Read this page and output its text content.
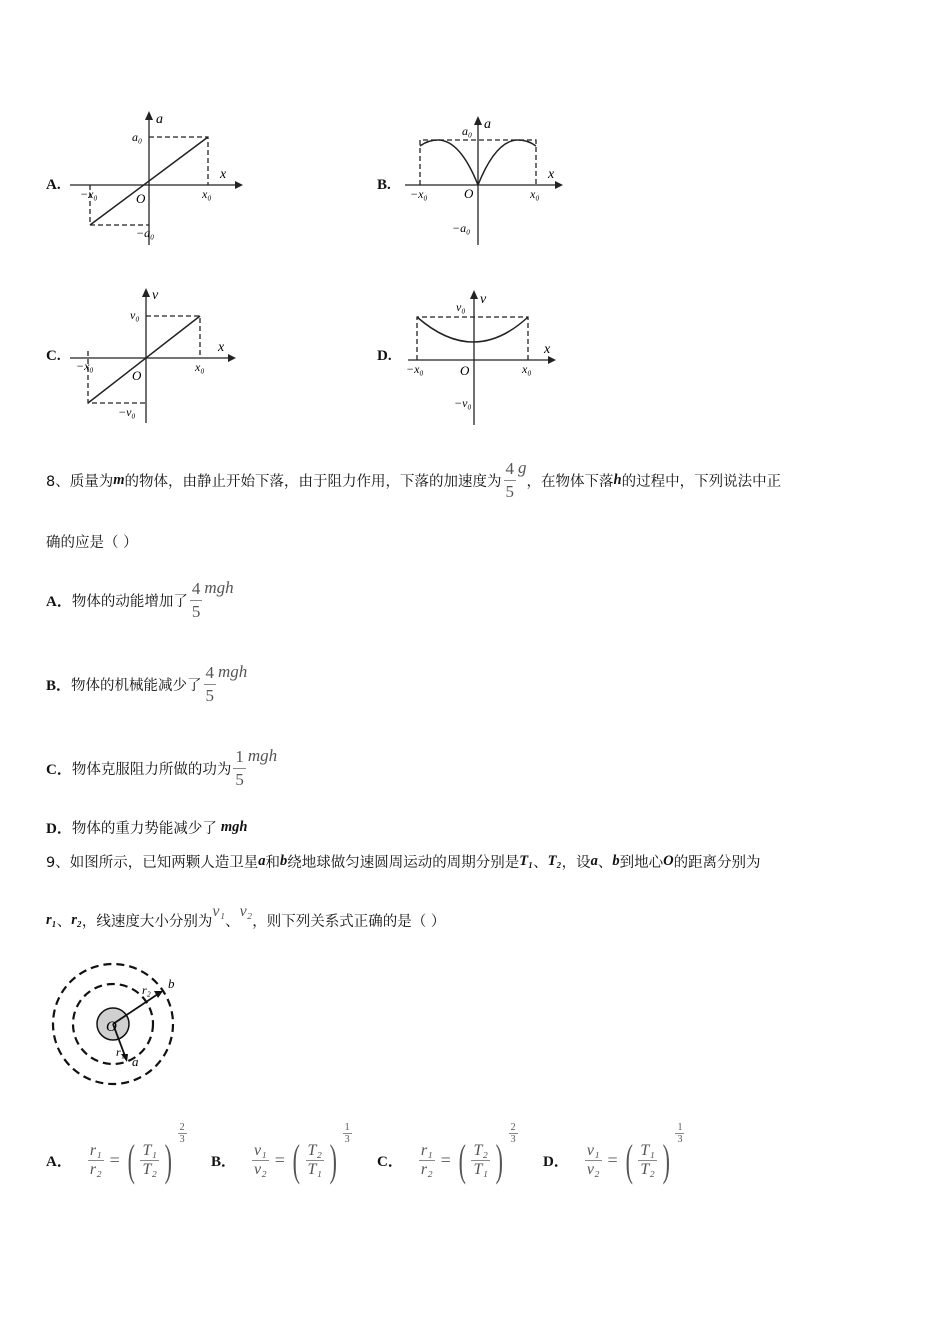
A.
a
x
a₀
−a₀
x₀
−x₀	O
B.
a
x
a₀
−a₀
x₀
−x₀	O
C.
v
x
v₀
−v₀
x₀
−x₀
O
D.
v
x
v₀
−v₀
x₀
−x₀	O
8、质量为 m 的物体，由静止开始下落，由于阻力作用，下落的加速度为 $\frac{4}{5}$ g
，在物体下落 h 的过程中，下列说法中正
确的应是（ ）
A． 物体的动能增加了 $\frac{4}{5}$ mgh
B． 物体的机械能减少了 $\frac{4}{5}$ mgh
C． 物体克服阻力所做的功为 $\frac{1}{5}$ mgh
D． 物体的重力势能减少了 mgh
9、如图所示，已知两颗人造卫星 a 和 b 绕地球做匀速圆周运动的周期分别是 T₁ 、 T₂ ，设 a 、 b 到地心 O 的距离分别为
r₁ 、 r₂ ，线速度大小分别为
v₁
、
v₂
，则下列关系式正确的是（ ）
O
r₂ b
r₁
a
A． $\frac{\text{r₁}}{\text{r₂}}$ = ( $\frac{\text{T₁}}{\text{T₂}}$ )
$\frac{2}{3}$
B． $\frac{\text{v₁}}{\text{v₂}}$ = ( $\frac{\text{T₂}}{\text{T₁}}$ )
$\frac{1}{3}$
C． $\frac{\text{r₁}}{\text{r₂}}$ = ( $\frac{\text{T₂}}{\text{T₁}}$ )
$\frac{2}{3}$
D． $\frac{\text{v₁}}{\text{v₂}}$ = ( $\frac{\text{T₁}}{\text{T₂}}$ )
$\frac{1}{3}$
